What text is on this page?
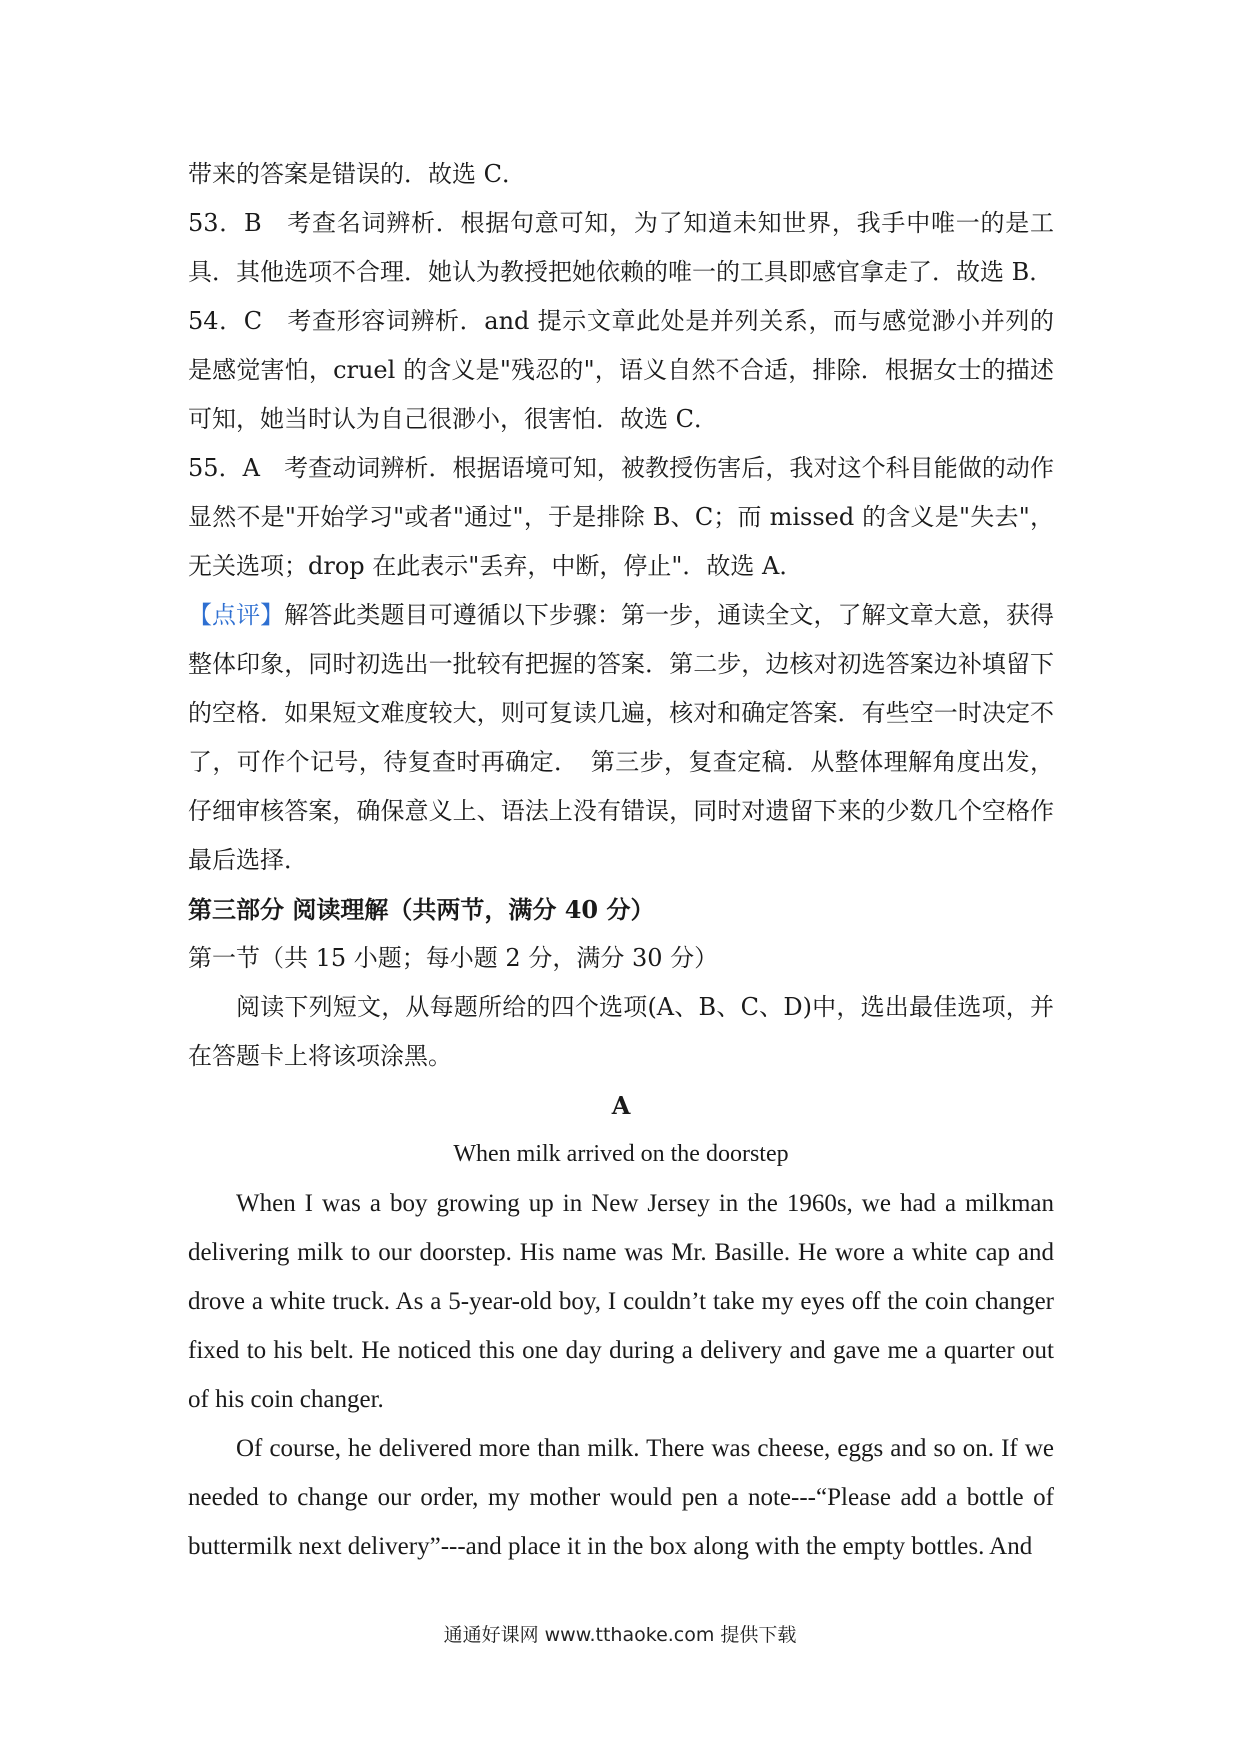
带来的答案是错误的．故选 C．

53．B　考查名词辨析．根据句意可知，为了知道未知世界，我手中唯一的是工具．其他选项不合理．她认为教授把她依赖的唯一的工具即感官拿走了．故选 B．

54．C　考查形容词辨析．and 提示文章此处是并列关系，而与感觉渺小并列的是感觉害怕，cruel 的含义是"残忍的"，语义自然不合适，排除．根据女士的描述可知，她当时认为自己很渺小，很害怕．故选 C．

55．A　考查动词辨析．根据语境可知，被教授伤害后，我对这个科目能做的动作显然不是"开始学习"或者"通过"，于是排除 B、C；而 missed 的含义是"失去"，无关选项；drop 在此表示"丢弃，中断，停止"．故选 A．

【点评】解答此类题目可遵循以下步骤：第一步，通读全文，了解文章大意，获得整体印象，同时初选出一批较有把握的答案．第二步，边核对初选答案边补填留下的空格．如果短文难度较大，则可复读几遍，核对和确定答案．有些空一时决定不了，可作个记号，待复查时再确定．　第三步，复查定稿．从整体理解角度出发，仔细审核答案，确保意义上、语法上没有错误，同时对遗留下来的少数几个空格作最后选择．

第三部分 阅读理解（共两节，满分 40 分）

第一节（共 15 小题；每小题 2 分，满分 30 分）

阅读下列短文，从每题所给的四个选项(A、B、C、D)中，选出最佳选项，并在答题卡上将该项涂黑。

A

When milk arrived on the doorstep

When I was a boy growing up in New Jersey in the 1960s, we had a milkman delivering milk to our doorstep. His name was Mr. Basille. He wore a white cap and drove a white truck. As a 5-year-old boy, I couldn’t take my eyes off the coin changer fixed to his belt. He noticed this one day during a delivery and gave me a quarter out of his coin changer.

Of course, he delivered more than milk. There was cheese, eggs and so on. If we needed to change our order, my mother would pen a note---“Please add a bottle of buttermilk next delivery”---and place it in the box along with the empty bottles. And

通通好课网 www.tthaoke.com 提供下载
